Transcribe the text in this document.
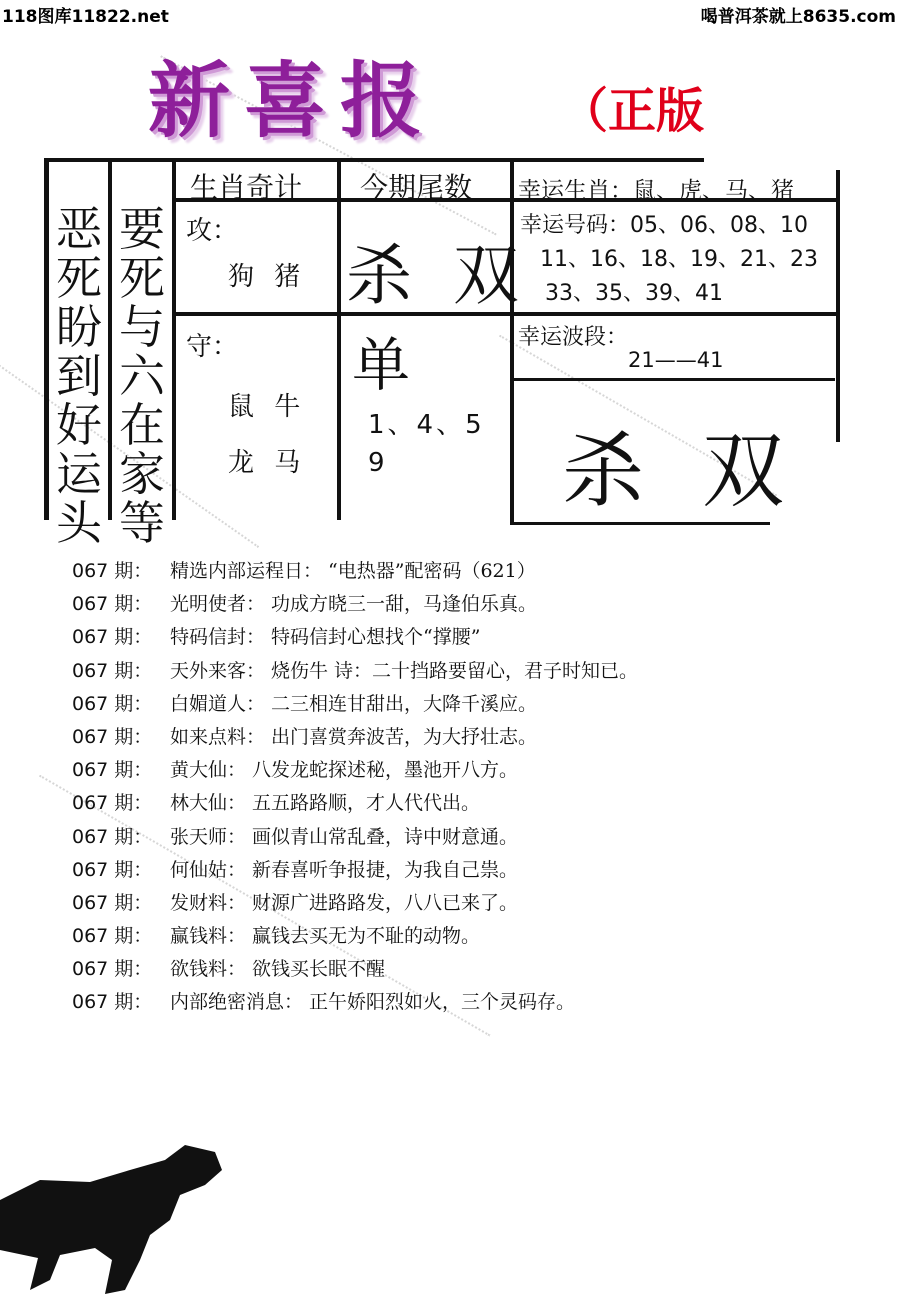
118图库11822.net	喝普洱茶就上8635.com
新喜报	（正版
恶死盼到好运头
要死与六在家等
生肖奇计 今期尾数 幸运生肖：鼠、虎、马、猪
攻：
狗 猪 杀 双
幸运号码：05、06、08、10
11、16、18、19、21、23
33、35、39、41
守：
鼠 牛
龙 马
单
1、4、5
9
幸运波段：
21——41
杀 双
067 期： 精选内部运程日： “电热器”配密码（621）
067 期： 光明使者： 功成方晓三一甜，马逢伯乐真。
067 期： 特码信封： 特码信封心想找个“撑腰”
067 期： 天外来客： 烧伤牛 诗：二十挡路要留心，君子时知已。
067 期： 白媚道人： 二三相连甘甜出，大降千溪应。
067 期： 如来点料： 出门喜赏奔波苦，为大抒壮志。
067 期： 黄大仙： 八发龙蛇探述秘，墨池开八方。
067 期： 林大仙： 五五路路顺，才人代代出。
067 期： 张天师： 画似青山常乱叠，诗中财意通。
067 期： 何仙姑： 新春喜听争报捷，为我自己祟。
067 期： 发财料： 财源广进路路发，八八已来了。
067 期： 赢钱料： 赢钱去买无为不耻的动物。
067 期： 欲钱料： 欲钱买长眠不醒
067 期： 内部绝密消息： 正午娇阳烈如火，三个灵码存。
